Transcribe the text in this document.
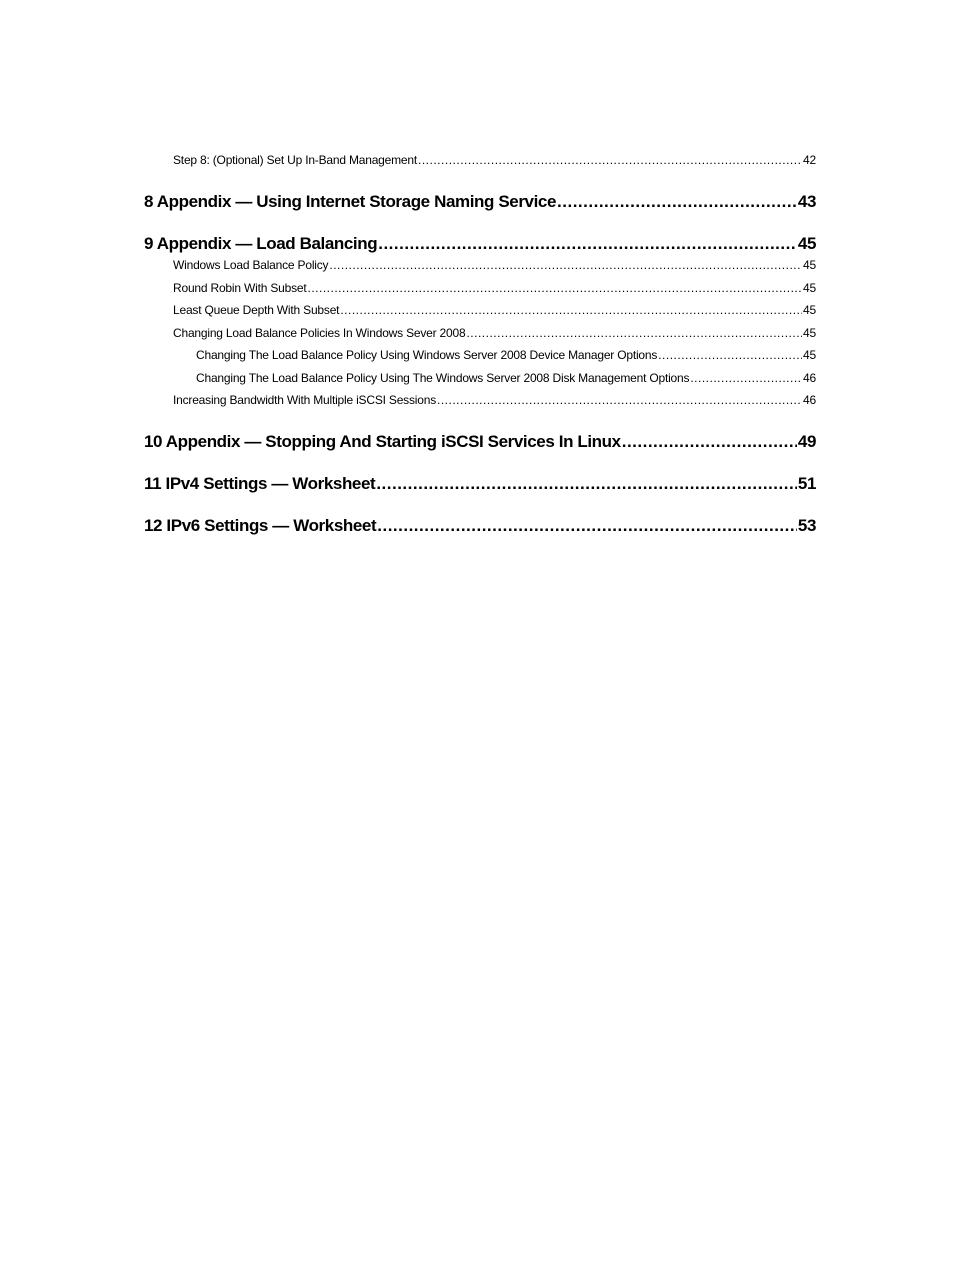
Step 8: (Optional) Set Up In-Band Management .....	42
8 Appendix — Using Internet Storage Naming Service .....	43
9 Appendix — Load Balancing .....	45
Windows Load Balance Policy .....	45
Round Robin With Subset .....	45
Least Queue Depth With Subset .....	45
Changing Load Balance Policies In Windows Sever 2008 .....	45
Changing The Load Balance Policy Using Windows Server 2008 Device Manager Options .....	45
Changing The Load Balance Policy Using The Windows Server 2008 Disk Management Options .....	46
Increasing Bandwidth With Multiple iSCSI Sessions .....	46
10 Appendix — Stopping And Starting iSCSI Services In Linux .....	49
11 IPv4 Settings — Worksheet .....	51
12 IPv6 Settings — Worksheet .....	53
